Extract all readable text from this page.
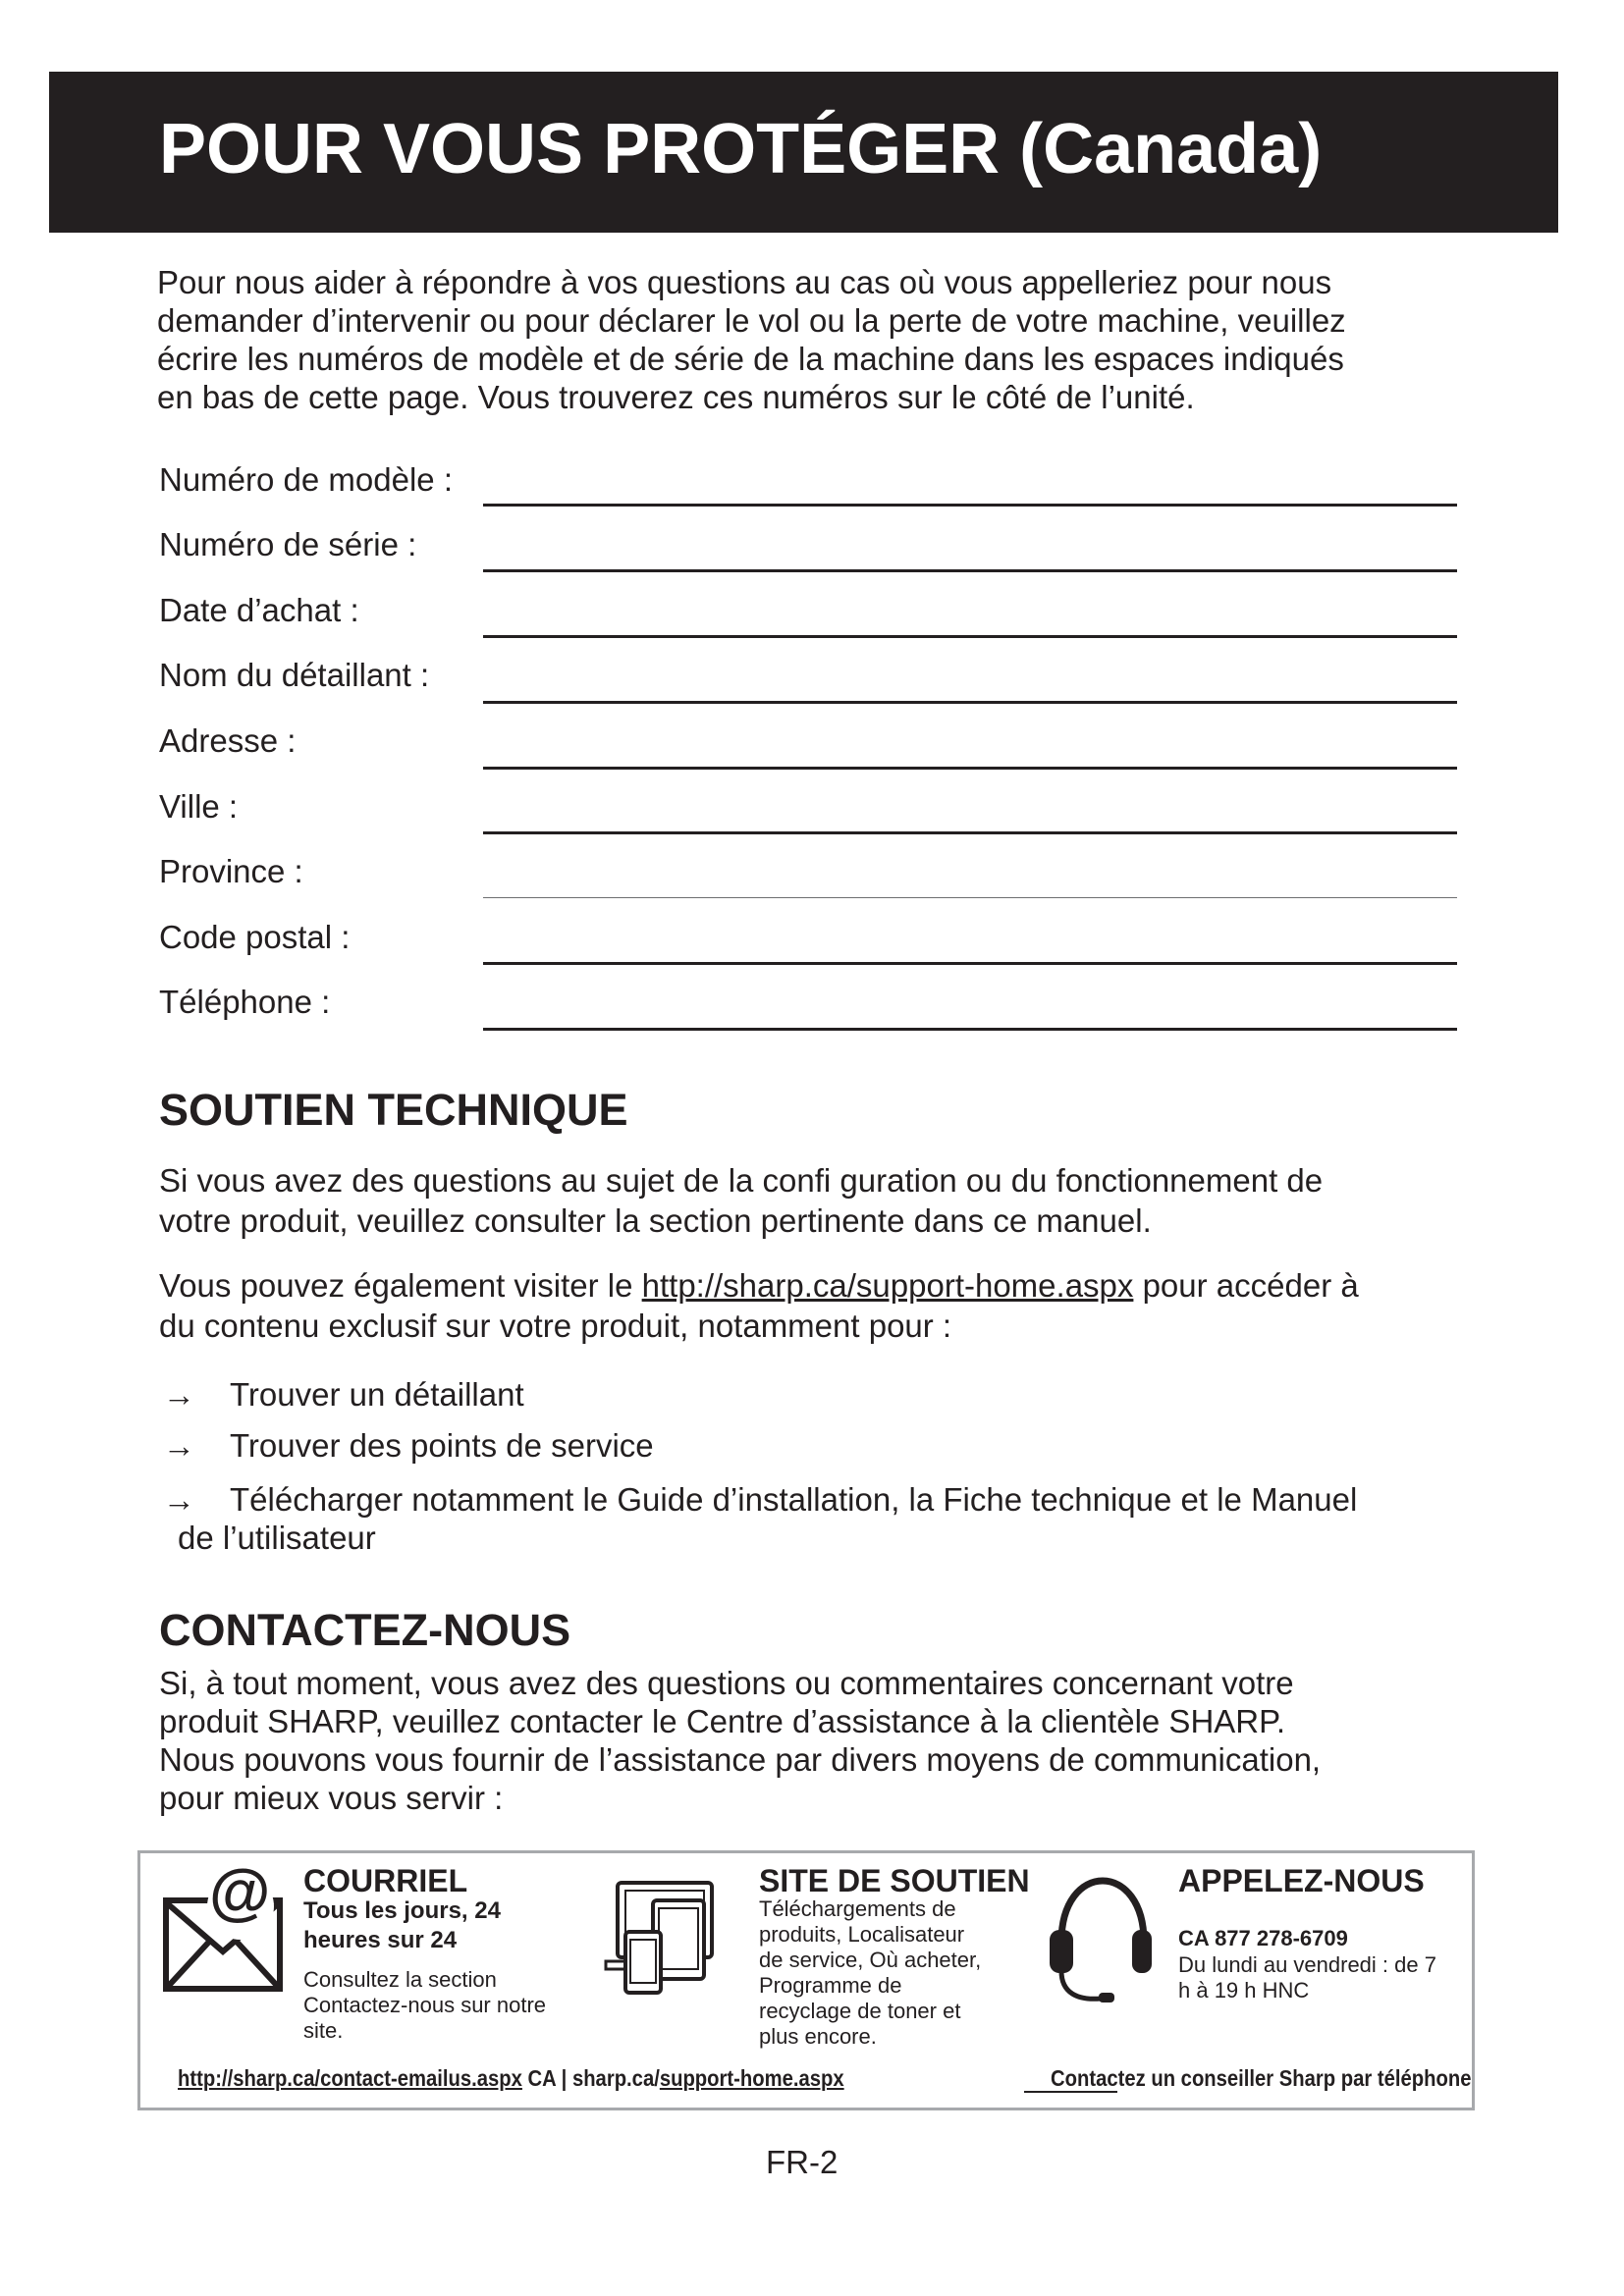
POUR VOUS PROTÉGER (Canada)
Pour nous aider à répondre à vos questions au cas où vous appelleriez pour nous
demander d’intervenir ou pour déclarer le vol ou la perte de votre machine, veuillez
écrire les numéros de modèle et de série de la machine dans les espaces indiqués
en bas de cette page. Vous trouverez ces numéros sur le côté de l’unité.
Numéro de modèle :
Numéro de série :
Date d’achat :
Nom du détaillant :
Adresse :
Ville :
Province :
Code postal :
Téléphone :
SOUTIEN TECHNIQUE
Si vous avez des questions au sujet de la confi guration ou du fonctionnement de
votre produit, veuillez consulter la section pertinente dans ce manuel.
Vous pouvez également visiter le http://sharp.ca/support-home.aspx pour accéder à
du contenu exclusif sur votre produit, notamment pour :
→ Trouver un détaillant
→ Trouver des points de service
→ Télécharger notamment le Guide d’installation, la Fiche technique et le Manuel
de l’utilisateur
CONTACTEZ-NOUS
Si, à tout moment, vous avez des questions ou commentaires concernant votre
produit SHARP, veuillez contacter le Centre d’assistance à la clientèle SHARP.
Nous pouvons vous fournir de l’assistance par divers moyens de communication,
pour mieux vous servir :
@ COURRIEL
Tous les jours, 24
heures sur 24
Consultez la section
Contactez-nous sur notre
site.
SITE DE SOUTIEN
Téléchargements de
produits, Localisateur
de service, Où acheter,
Programme de
recyclage de toner et
plus encore.
APPELEZ-NOUS
CA 877 278-6709
Du lundi au vendredi : de 7
h à 19 h HNC
http://sharp.ca/contact-emailus.aspx CA | sharp.ca/support-home.aspx	Contactez un conseiller Sharp par téléphone
FR-2
